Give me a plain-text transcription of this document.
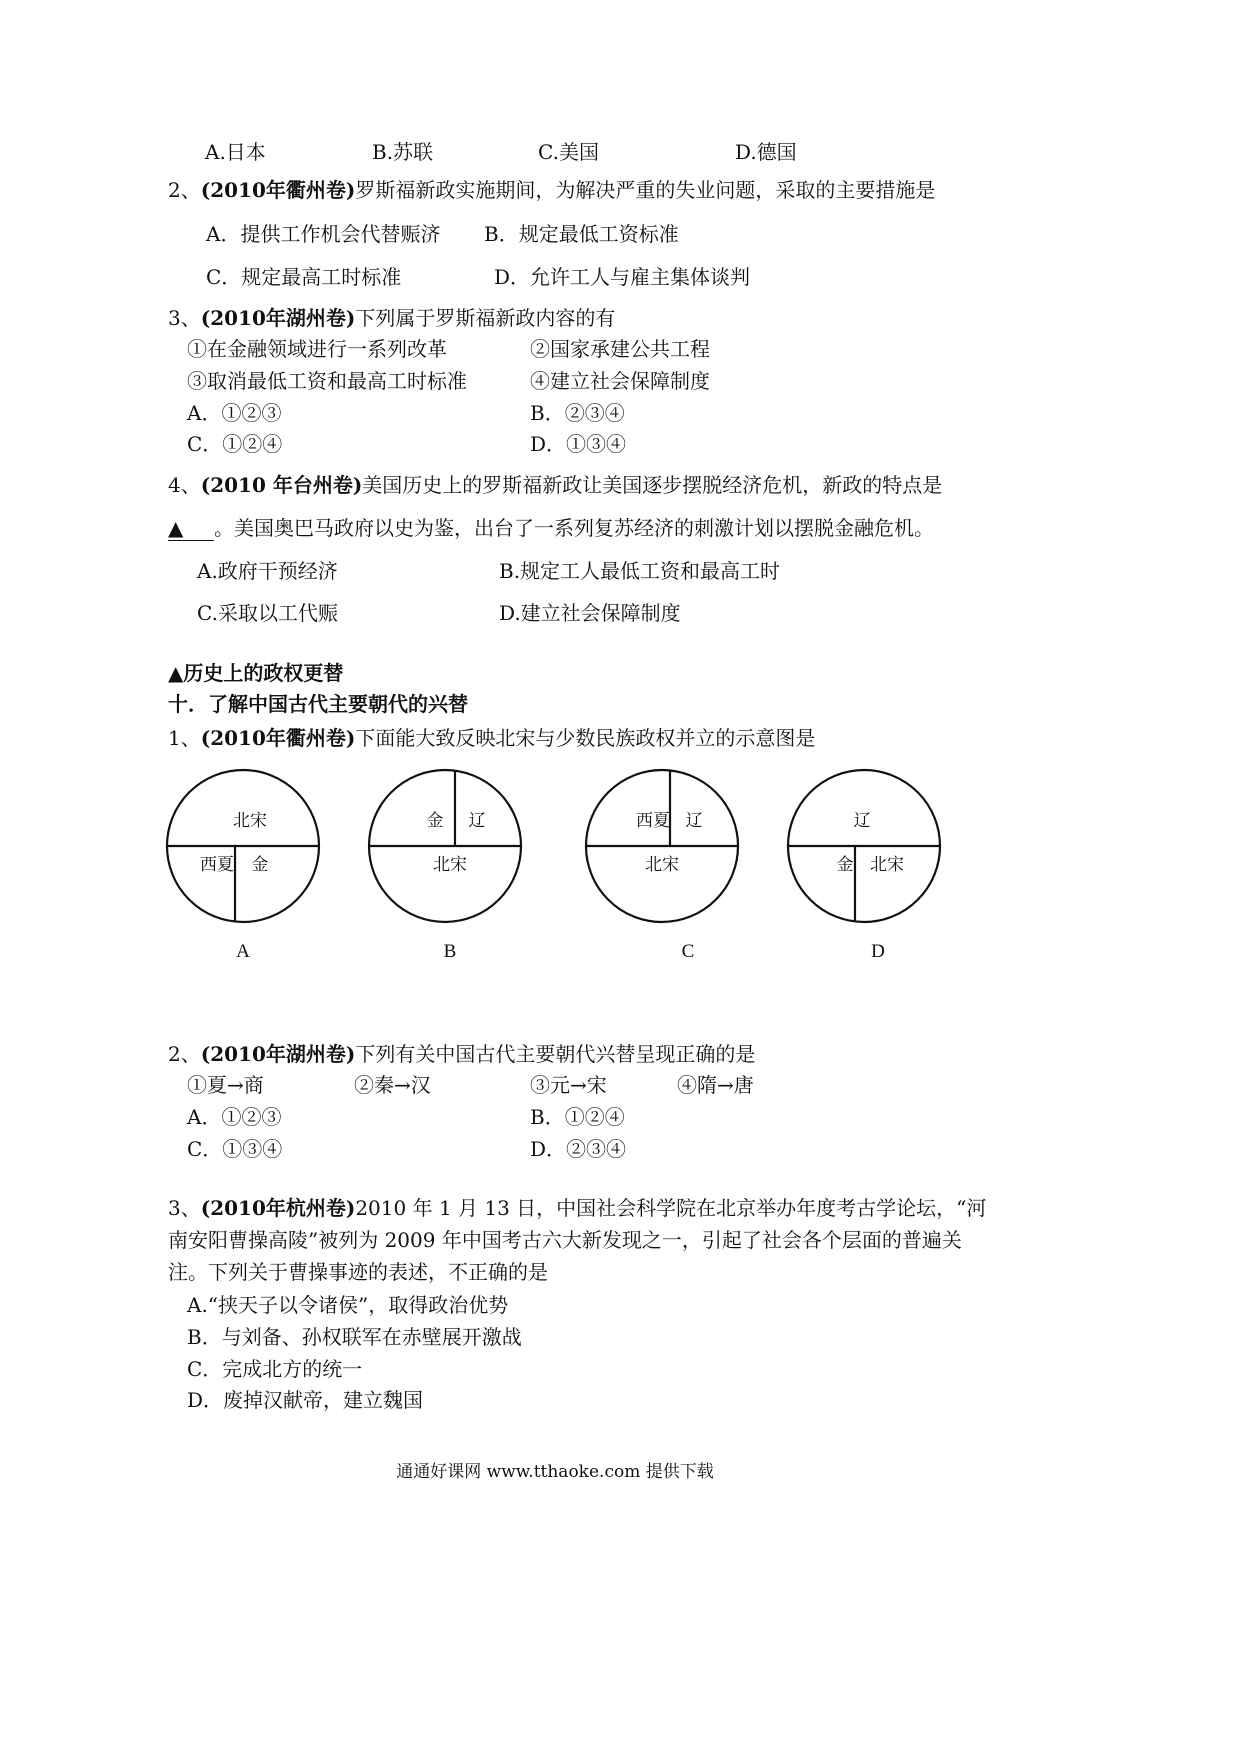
A.日本	B.苏联	C.美国	D.德国
2、(2010年衢州卷)罗斯福新政实施期间，为解决严重的失业问题，采取的主要措施是
A．提供工作机会代替赈济 B．规定最低工资标准
C．规定最高工时标准	D．允许工人与雇主集体谈判
3、(2010年湖州卷)下列属于罗斯福新政内容的有
①在金融领域进行一系列改革	②国家承建公共工程
③取消最低工资和最高工时标准	④建立社会保障制度
A．①②③	B．②③④
C．①②④	D．①③④
4、(2010 年台州卷)美国历史上的罗斯福新政让美国逐步摆脱经济危机，新政的特点是
▲ 。美国奥巴马政府以史为鉴，出台了一系列复苏经济的刺激计划以摆脱金融危机。
A.政府干预经济	B.规定工人最低工资和最高工时
C.采取以工代赈	D.建立社会保障制度
▲历史上的政权更替
十．了解中国古代主要朝代的兴替
1、(2010年衢州卷)下面能大致反映北宋与少数民族政权并立的示意图是
北宋
西夏 金
金 辽
北宋
西夏 辽
北宋
辽
金 北宋
A	B	C	D
2、(2010年湖州卷)下列有关中国古代主要朝代兴替呈现正确的是
①夏→商	②秦→汉	③元→宋	④隋→唐
A．①②③	B．①②④
C．①③④	D．②③④
3、(2010年杭州卷)2010 年 1 月 13 日，中国社会科学院在北京举办年度考古学论坛，“河
南安阳曹操高陵”被列为 2009 年中国考古六大新发现之一，引起了社会各个层面的普遍关
注。下列关于曹操事迹的表述，不正确的是
A.“挟天子以令诸侯”，取得政治优势
B．与刘备、孙权联军在赤壁展开激战
C．完成北方的统一
D．废掉汉献帝，建立魏国
通通好课网 www.tthaoke.com 提供下载
